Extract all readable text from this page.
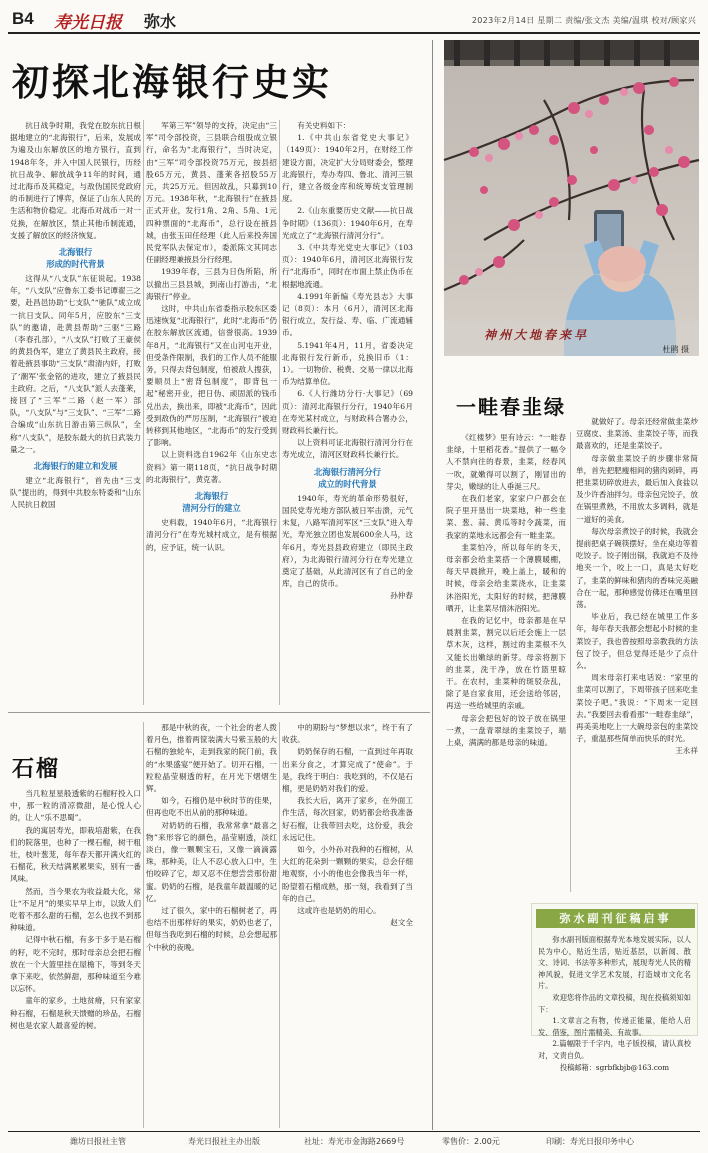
B4 寿光日报 弥水	2023年2月14日 星期二 责编/张文杰 美编/温琪 校对/顾家兴
初探北海银行史实

抗日战争时期，我党在胶东抗日根据地建立的“北海银行”，后来，发展成为遍及山东解放区的地方银行，直到1948年冬，并入中国人民银行，历经抗日战争、解放战争11年的时间，通过北海币及其稳定，与敌伪国民党政府的币制进行了博弈，保证了山东人民的生活和物价稳定。北海币对战币一对一兑换，在解放区，禁止其他币制流通，支援了解放区的经济恢复。

北海银行
形成的时代背景

这得从“八支队”东征说起。1938年，“八支队”应鲁东工委书记谭翟三之要，赴昌邑协助“七支队”“驰队”成立成一抗日支队。同年5月，应胶东“三支队”的邀请，赴黄县帮助“三驱”三路（李春孔部），“八支队”打败了王豪侯的黄县伪军，建立了黄县民主政府，接着赴掖县事助“三支队”肃清内奸，打败了‘潮军’张金铭的进攻，建立了掖县民主政府。之后，“八支队”派人去蓬莱，接回了“三军”二路（赵一军）部队，“八支队”与“三支队”、“三军”二路合编成“山东抗日游击第三纵队”，全称“八支队”，是胶东最大的抗日武装力量之一。

北海银行的建立和发展

建立“北海银行”，首先由“三支队”提出的，得到中共胶东特委和“山东人民抗日救国

军第三军”领导的支持，决定由“三军”司令部投资，三县联合组股成立银行，命名为“北海银行”，当时决定，由“三军”司令部投资75万元，按县招股65万元，黄县、蓬莱各招股55万元，共25万元。但因故乱，只募到10万元。1938年秋，“北海银行”在掖县正式开业，发行1角、2角、5角、1元四种票面的“北海币”，总行设在掖县城，由张玉田任经理（此人后来投奔国民党军队去保定市），委派陈文其同志任副经理兼掖县分行经理。

1939年春，三县为日伪所陷，所以撤出三县县城，到南山打游击，“北海银行”停业。

这时，中共山东省委指示胶东区委迅速恢复“北海银行”，此时“北海币”仍在胶东解放区流通，信誉很高。1939年8月，“北海银行”又在山河屯开业，但受条件限制，我们的工作人员不能服务，只得去背包制度，怕被敌人搜获，要顺员上“密背包制度”，即背包一起”秘密开业，把日伪、顽固派的钱币兑出去，换出来，即被“北海币”，因此受到敌伪的严厉压制，“北海银行”被迫转移到其他地区，“北海币”的发行受到了影响。

以上资料选自1962年《山东史志资料》第一期118页，“抗日战争时期的北海银行”，黄克著。

北海银行
清河分行的建立

史料载，1940年6月，“北海银行清河分行”在寿光城村成立，是有根据的，应予证，统一认识。

有关史料如下：

1.《中共山东省党史大事记》（149页）：1940年2月，在财经工作建设方面，决定扩大分局财委会，整理北海银行，寿办寿四、鲁北、清河三银行，建立各级金库和统筹统支管理制度。

2.《山东重要历史文献——抗日战争时期》（136页）：1940年6月，在寿光成立了“北海银行清河分行”。

3.《中共寿光党史大事记》（103页）：1940年6月，清河区北海银行发行“北海币”，同时在市面上禁止伪币在根据地流通。

4.1991年新编《寿光县志》大事记（8页）：本月（6月），清河区北海银行成立，发行益、寿、临、广流通辅币。

5.1941年4月，11月，省委决定北海银行发行新币，兑换旧币（1：1）。一切物价、税费、交易一律以北海币为结算单位。

6.《人行潍坊分行·大事记》（69页）：清河北海银行分行，1940年6月在寿光某村成立，与财政科合署办公，财政科长兼行长。

以上资料可证北海银行清河分行在寿光成立，清河区财政科长兼行长。

北海银行清河分行
成立的时代背景

1940年，寿光的革命形势很好，国民党寿光地方部队被日军击溃，元气未复，八路军清河军区“三支队”进入寿光，寿光独立团也发展600余人马，这年6月，寿光县县政府建立（即民主政府），为北海银行清河分行在寿光建立奠定了基础，从此清河区有了自己的金库，自己的货币。

孙仲春

神州大地春来早
杜鹃 摄
一畦春韭绿

《红楼梦》里有诗云：“一畦春韭绿，十里稻花香。”提供了一幅令人不禁向往的春景，韭菜，经春风一吹，就嫩得可以割了，刚冒出的芽尖，嫩绿的让人垂涎三尺。

在我们老家，家家户户都会在院子里开垦出一块菜地，种一些韭菜、葱、蒜、黄瓜等时令蔬菜，而我家的菜地永远都会有一畦韭菜。

韭菜怕冷，所以每年的冬天，母亲都会给韭菜搭一个薄膜暖棚，每天早晨掀开，晚上盖上，暖和的时候，母亲会给韭菜浇水，让韭菜沐浴阳光，太阳好的时候，把薄膜晒开，让韭菜尽情沐浴阳光。

在我的记忆中，母亲都是在早晨割韭菜，割完以后还会施上一层草木灰，这样，割过的韭菜根不久又能长出嫩绿的新芽。母亲将割下的韭菜，洗干净，放在竹篮里晾干。在农村，韭菜种的斑驳杂乱，除了是自家食用，还会送给邻居，再送一些给城里的亲戚。

母亲会把包好的饺子放在锅里一煮，一盘青翠绿的韭菜饺子，端上桌，满满的都是母亲的味道。

就做好了。母亲还经常做韭菜炒豆腐皮、韭菜汤、韭菜饺子等，而我最喜欢的，还是韭菜饺子。

母亲做韭菜饺子的步骤非常简单，首先把肥瘦相间的猪肉剁碎，再把韭菜切碎放进去，最后加入食盐以及少许香油拌匀。母亲包完饺子，放在锅里煮熟，不用放太多调料，就是一道好的美食。

每次母亲煮饺子的时候，我就会提前把桌子碗筷摆好，坐在桌边等着吃饺子。饺子刚出锅，我就迫不及待地夹一个，咬上一口，真是太好吃了，韭菜的鲜味和猪肉的香味完美融合在一起，那种感觉仿佛还在嘴里回荡。

毕业后，我已经在城里工作多年，每年春天我都会想起小时候的韭菜饺子，我也曾按照母亲教我的方法包了饺子，但总觉得还是少了点什么。

周末母亲打来电话说：“家里的韭菜可以割了，下周带孩子回来吃韭菜饺子吧。”我说：“下周末一定回去。”我要回去看看那“一畦春韭绿”，再美美地吃上一大碗母亲包的韭菜饺子，重温那些简单而快乐的时光。

王永祥

石榴

当几粒星星般透紫的石榴籽投入口中，那一粒的清凉微甜，是心悦人心的，让人“乐不思蜀”。

我的寓居寿光，即栽培甜紫，在我们的院落里，也种了一棵石榴，树干粗壮，枝叶葱茏，每年春天都开满火红的石榴花，秋天结满累累果实，别有一番风味。

然而，当今果农为收益最大化，常让“不足月”的果实早早上市，以致人们吃着不那么甜的石榴，怎么也找不到那种味道。

记得中秋石榴，有多于多于是石榴的籽，吃不完时，那时母亲总会把石榴放在一个大篮里挂在屋檐下，等到冬天拿下来吃，依然鲜甜，那种味道至今难以忘怀。

童年的家乡，土地贫瘠，只有家家种石榴，石榴是秋天馈赠的珍品，石榴树也是农家人最喜爱的树。

那是中秋的夜，一个社会的老人拨着月色，推着两筐装满大号紫玉般的大石榴的独轮车，走到我家的院门前，我的“水果盛宴”便开始了。切开石榴，一粒粒晶莹剔透的籽，在月光下熠熠生辉。

如今，石榴仍是中秋时节的佳果，但再也吃不出从前的那种味道。

对奶奶的石榴，我常常拿“最喜之物”来形容它的颜色，晶莹剔透，淡红淡白，像一颗颗宝石，又像一滴滴露珠，那种美，让人不忍心放入口中，生怕咬碎了它，却又忍不住想尝尝那份甜蜜。奶奶的石榴，是我童年最温暖的记忆。

过了很久，家中的石榴树老了，再也结不出那样好的果实，奶奶也老了，但每当我吃到石榴的时候，总会想起那个中秋的夜晚。

中的期盼与“梦想以求”，终于有了收获。

奶奶保存的石榴，一直到过年再取出来分食之，才算完成了“使命”。于是，我终于明白：我吃到的，不仅是石榴，更是奶奶对我们的爱。

我长大后，离开了家乡，在外面工作生活，每次回家，奶奶都会给我准备好石榴，让我带回去吃，这份爱，我会永远记住。

如今，小外孙对我种的石榴树，从大红的花朵到一颗颗的果实，总会仔细地观察，小小的他也会像我当年一样，盼望着石榴成熟，那一刻，我看到了当年的自己。

这或许也是奶奶的用心。

赵文全	弥水副刊征稿启事

弥水副刊版面根据寿光本地发展实际，以人民为中心，贴近生活，贴近基层，以新闻、散文、诗词、书法等多种形式，展现寿光人民的精神风貌，促进文学艺术发展，打造城市文化名片。

欢迎您将作品的文章投稿，现在投稿须知如下：

1.文章言之有物，传递正能量，能给人启发、借鉴，图片需精美、有故事。

2.篇幅限于千字内，电子版投稿，请认真校对，文责自负。

投稿邮箱：sgrbfkbjb@163.com

潍坊日报社主管	寿光日报社主办出版	社址：寿光市金海路2669号	零售价：2.00元	印刷：寿光日报印务中心
